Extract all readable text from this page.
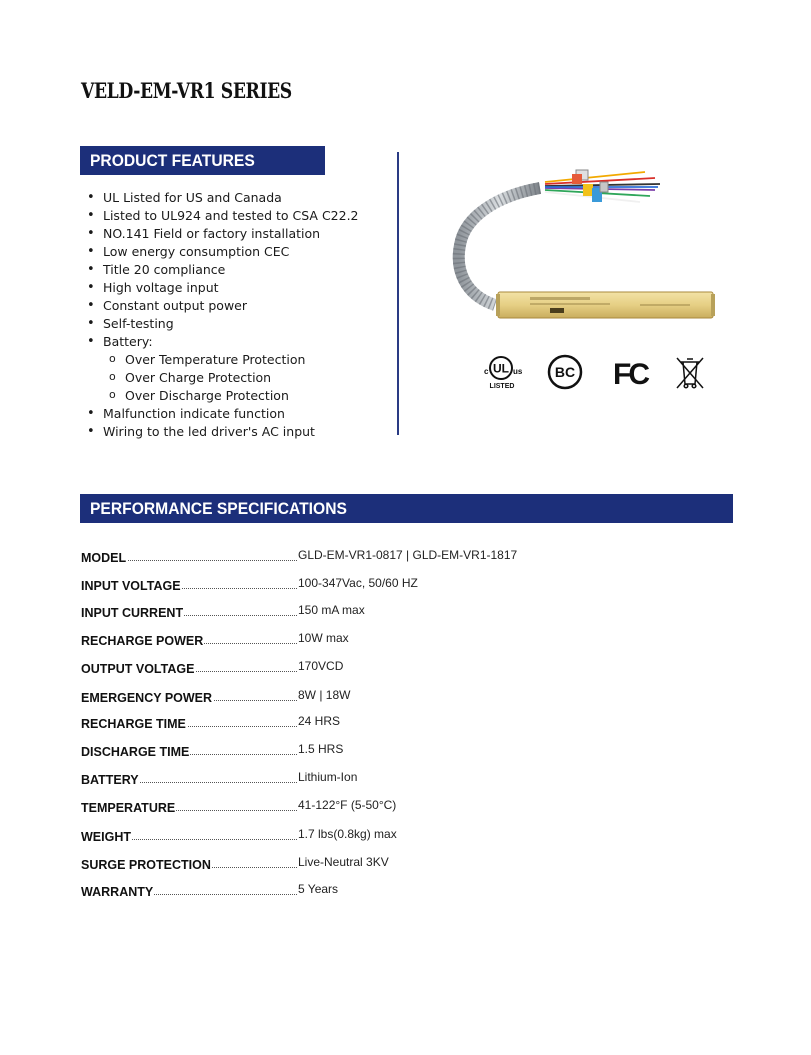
VELD-EM-VR1 SERIES
PRODUCT FEATURES
• UL Listed for US and Canada
• Listed to UL924 and tested to CSA C22.2
• NO.141 Field or factory installation
• Low energy consumption CEC
• Title 20 compliance
• High voltage input
• Constant output power
• Self-testing
• Battery:
o Over Temperature Protection
o Over Charge Protection
o Over Discharge Protection
• Malfunction indicate function
• Wiring to the led driver's AC input
UL
c	us
LISTED
BC FC
PERFORMANCE SPECIFICATIONS
MODEL	GLD-EM-VR1-0817 | GLD-EM-VR1-1817
INPUT VOLTAGE	100-347Vac, 50/60 HZ
INPUT CURRENT	150 mA max
RECHARGE POWER	10W max
OUTPUT VOLTAGE	170VCD
EMERGENCY POWER	8W | 18W
RECHARGE TIME	24 HRS
DISCHARGE TIME	1.5 HRS
BATTERY	Lithium-Ion
TEMPERATURE	41-122°F (5-50°C)
WEIGHT	1.7 lbs(0.8kg) max
SURGE PROTECTION	Live-Neutral 3KV
WARRANTY	5 Years
